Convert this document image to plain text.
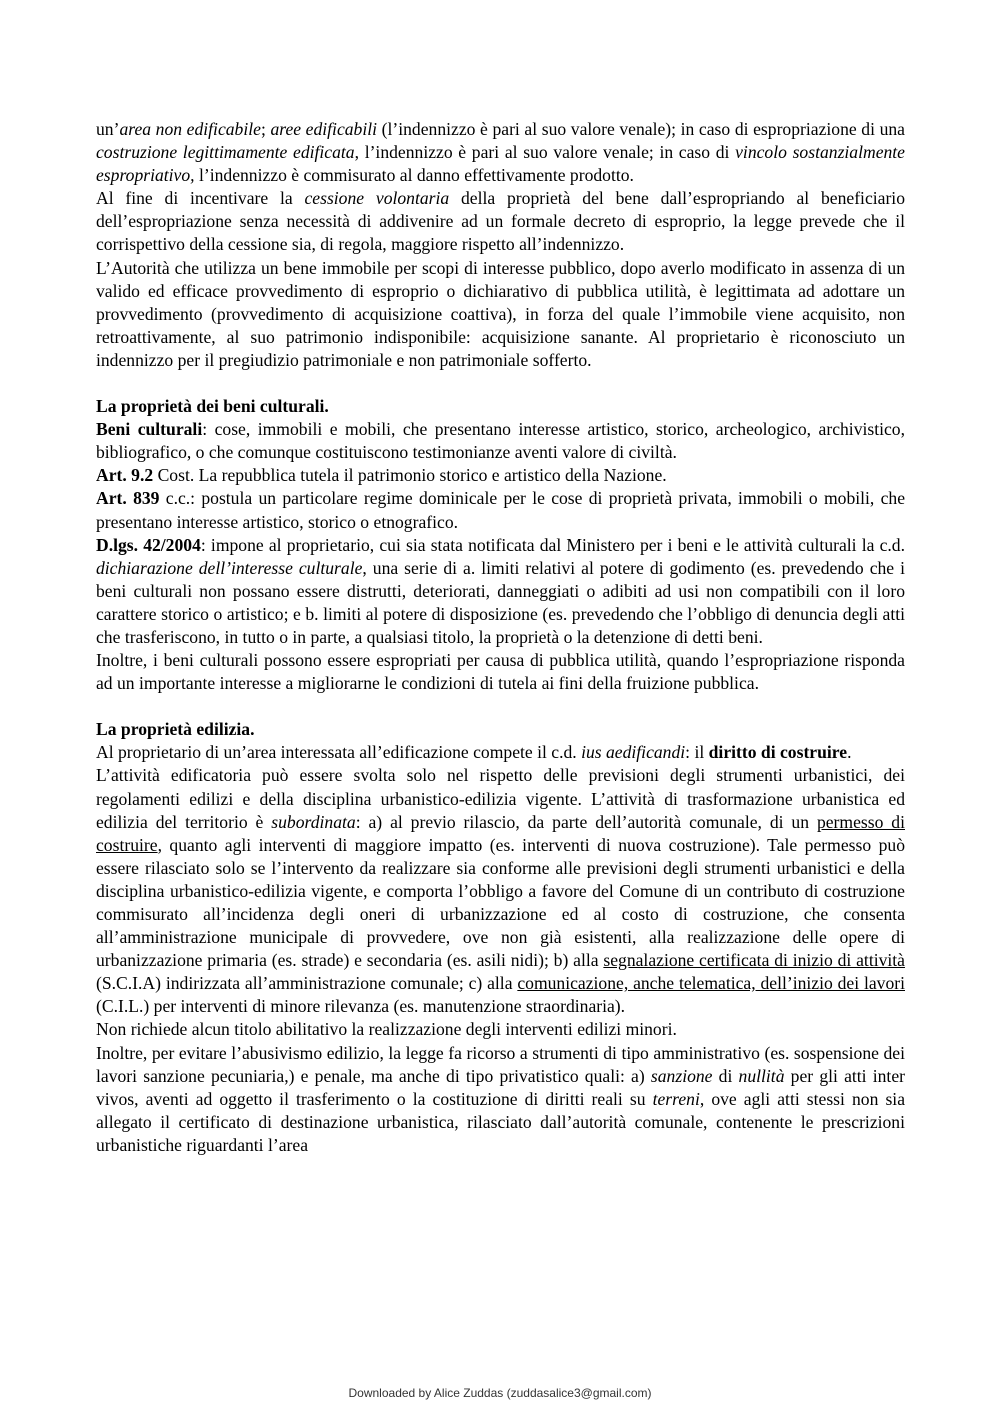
un’area non edificabile; aree edificabili (l’indennizzo è pari al suo valore venale); in caso di espropriazione di una costruzione legittimamente edificata, l’indennizzo è pari al suo valore venale; in caso di vincolo sostanzialmente espropriativo, l’indennizzo è commisurato al danno effettivamente prodotto.

Al fine di incentivare la cessione volontaria della proprietà del bene dall’espropriando al beneficiario dell’espropriazione senza necessità di addivenire ad un formale decreto di esproprio, la legge prevede che il corrispettivo della cessione sia, di regola, maggiore rispetto all’indennizzo.

L’Autorità che utilizza un bene immobile per scopi di interesse pubblico, dopo averlo modificato in assenza di un valido ed efficace provvedimento di esproprio o dichiarativo di pubblica utilità, è legittimata ad adottare un provvedimento (provvedimento di acquisizione coattiva), in forza del quale l’immobile viene acquisito, non retroattivamente, al suo patrimonio indisponibile: acquisizione sanante. Al proprietario è riconosciuto un indennizzo per il pregiudizio patrimoniale e non patrimoniale sofferto.

La proprietà dei beni culturali.

Beni culturali: cose, immobili e mobili, che presentano interesse artistico, storico, archeologico, archivistico, bibliografico, o che comunque costituiscono testimonianze aventi valore di civiltà.

Art. 9.2 Cost. La repubblica tutela il patrimonio storico e artistico della Nazione.

Art. 839 c.c.: postula un particolare regime dominicale per le cose di proprietà privata, immobili o mobili, che presentano interesse artistico, storico o etnografico.

D.lgs. 42/2004: impone al proprietario, cui sia stata notificata dal Ministero per i beni e le attività culturali la c.d. dichiarazione dell’interesse culturale, una serie di a. limiti relativi al potere di godimento (es. prevedendo che i beni culturali non possano essere distrutti, deteriorati, danneggiati o adibiti ad usi non compatibili con il loro carattere storico o artistico; e b. limiti al potere di disposizione (es. prevedendo che l’obbligo di denuncia degli atti che trasferiscono, in tutto o in parte, a qualsiasi titolo, la proprietà o la detenzione di detti beni.

Inoltre, i beni culturali possono essere espropriati per causa di pubblica utilità, quando l’espropriazione risponda ad un importante interesse a migliorarne le condizioni di tutela ai fini della fruizione pubblica.

La proprietà edilizia.

Al proprietario di un’area interessata all’edificazione compete il c.d. ius aedificandi: il diritto di costruire.

L’attività edificatoria può essere svolta solo nel rispetto delle previsioni degli strumenti urbanistici, dei regolamenti edilizi e della disciplina urbanistico-edilizia vigente. L’attività di trasformazione urbanistica ed edilizia del territorio è subordinata: a) al previo rilascio, da parte dell’autorità comunale, di un permesso di costruire, quanto agli interventi di maggiore impatto (es. interventi di nuova costruzione). Tale permesso può essere rilasciato solo se l’intervento da realizzare sia conforme alle previsioni degli strumenti urbanistici e della disciplina urbanistico-edilizia vigente, e comporta l’obbligo a favore del Comune di un contributo di costruzione commisurato all’incidenza degli oneri di urbanizzazione ed al costo di costruzione, che consenta all’amministrazione municipale di provvedere, ove non già esistenti, alla realizzazione delle opere di urbanizzazione primaria (es. strade) e secondaria (es. asili nidi); b) alla segnalazione certificata di inizio di attività (S.C.I.A) indirizzata all’amministrazione comunale; c) alla comunicazione, anche telematica, dell’inizio dei lavori (C.I.L.) per interventi di minore rilevanza (es. manutenzione straordinaria).

Non richiede alcun titolo abilitativo la realizzazione degli interventi edilizi minori.

Inoltre, per evitare l’abusivismo edilizio, la legge fa ricorso a strumenti di tipo amministrativo (es. sospensione dei lavori sanzione pecuniaria,) e penale, ma anche di tipo privatistico quali: a) sanzione di nullità per gli atti inter vivos, aventi ad oggetto il trasferimento o la costituzione di diritti reali su terreni, ove agli atti stessi non sia allegato il certificato di destinazione urbanistica, rilasciato dall’autorità comunale, contenente le prescrizioni urbanistiche riguardanti l’area

Downloaded by Alice Zuddas (zuddasalice3@gmail.com)
